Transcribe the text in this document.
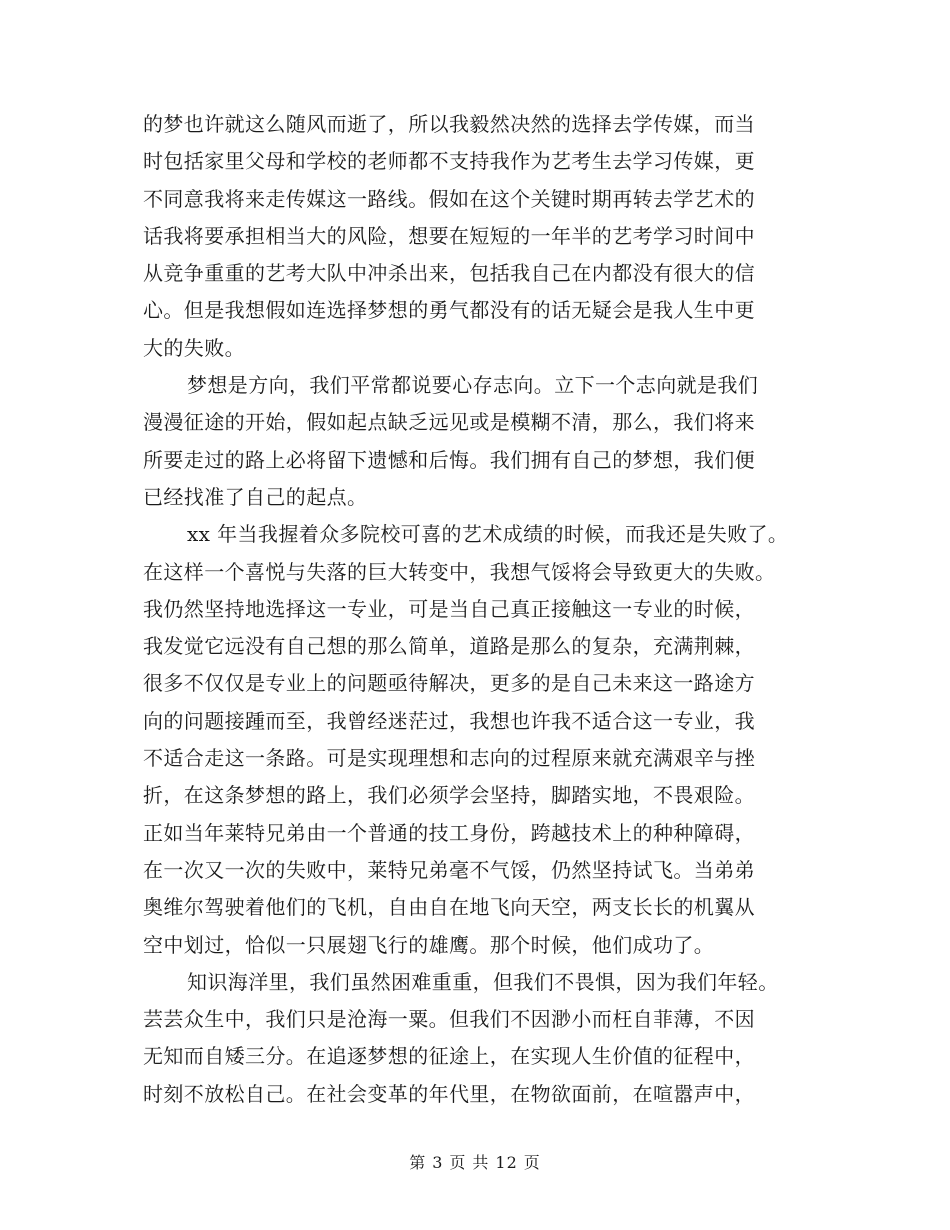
的梦也许就这么随风而逝了，所以我毅然决然的选择去学传媒，而当
时包括家里父母和学校的老师都不支持我作为艺考生去学习传媒，更
不同意我将来走传媒这一路线。假如在这个关键时期再转去学艺术的
话我将要承担相当大的风险，想要在短短的一年半的艺考学习时间中
从竞争重重的艺考大队中冲杀出来，包括我自己在内都没有很大的信
心。但是我想假如连选择梦想的勇气都没有的话无疑会是我人生中更
大的失败。
梦想是方向，我们平常都说要心存志向。立下一个志向就是我们
漫漫征途的开始，假如起点缺乏远见或是模糊不清，那么，我们将来
所要走过的路上必将留下遗憾和后悔。我们拥有自己的梦想，我们便
已经找准了自己的起点。
xx 年当我握着众多院校可喜的艺术成绩的时候，而我还是失败了。
在这样一个喜悦与失落的巨大转变中，我想气馁将会导致更大的失败。
我仍然坚持地选择这一专业，可是当自己真正接触这一专业的时候，
我发觉它远没有自己想的那么简单，道路是那么的复杂，充满荆棘，
很多不仅仅是专业上的问题亟待解决，更多的是自己未来这一路途方
向的问题接踵而至，我曾经迷茫过，我想也许我不适合这一专业，我
不适合走这一条路。可是实现理想和志向的过程原来就充满艰辛与挫
折，在这条梦想的路上，我们必须学会坚持，脚踏实地，不畏艰险。
正如当年莱特兄弟由一个普通的技工身份，跨越技术上的种种障碍，
在一次又一次的失败中，莱特兄弟毫不气馁，仍然坚持试飞。当弟弟
奥维尔驾驶着他们的飞机，自由自在地飞向天空，两支长长的机翼从
空中划过，恰似一只展翅飞行的雄鹰。那个时候，他们成功了。
知识海洋里，我们虽然困难重重，但我们不畏惧，因为我们年轻。
芸芸众生中，我们只是沧海一粟。但我们不因渺小而枉自菲薄，不因
无知而自矮三分。在追逐梦想的征途上，在实现人生价值的征程中，
时刻不放松自己。在社会变革的年代里，在物欲面前，在喧嚣声中，
第 3 页 共 12 页
